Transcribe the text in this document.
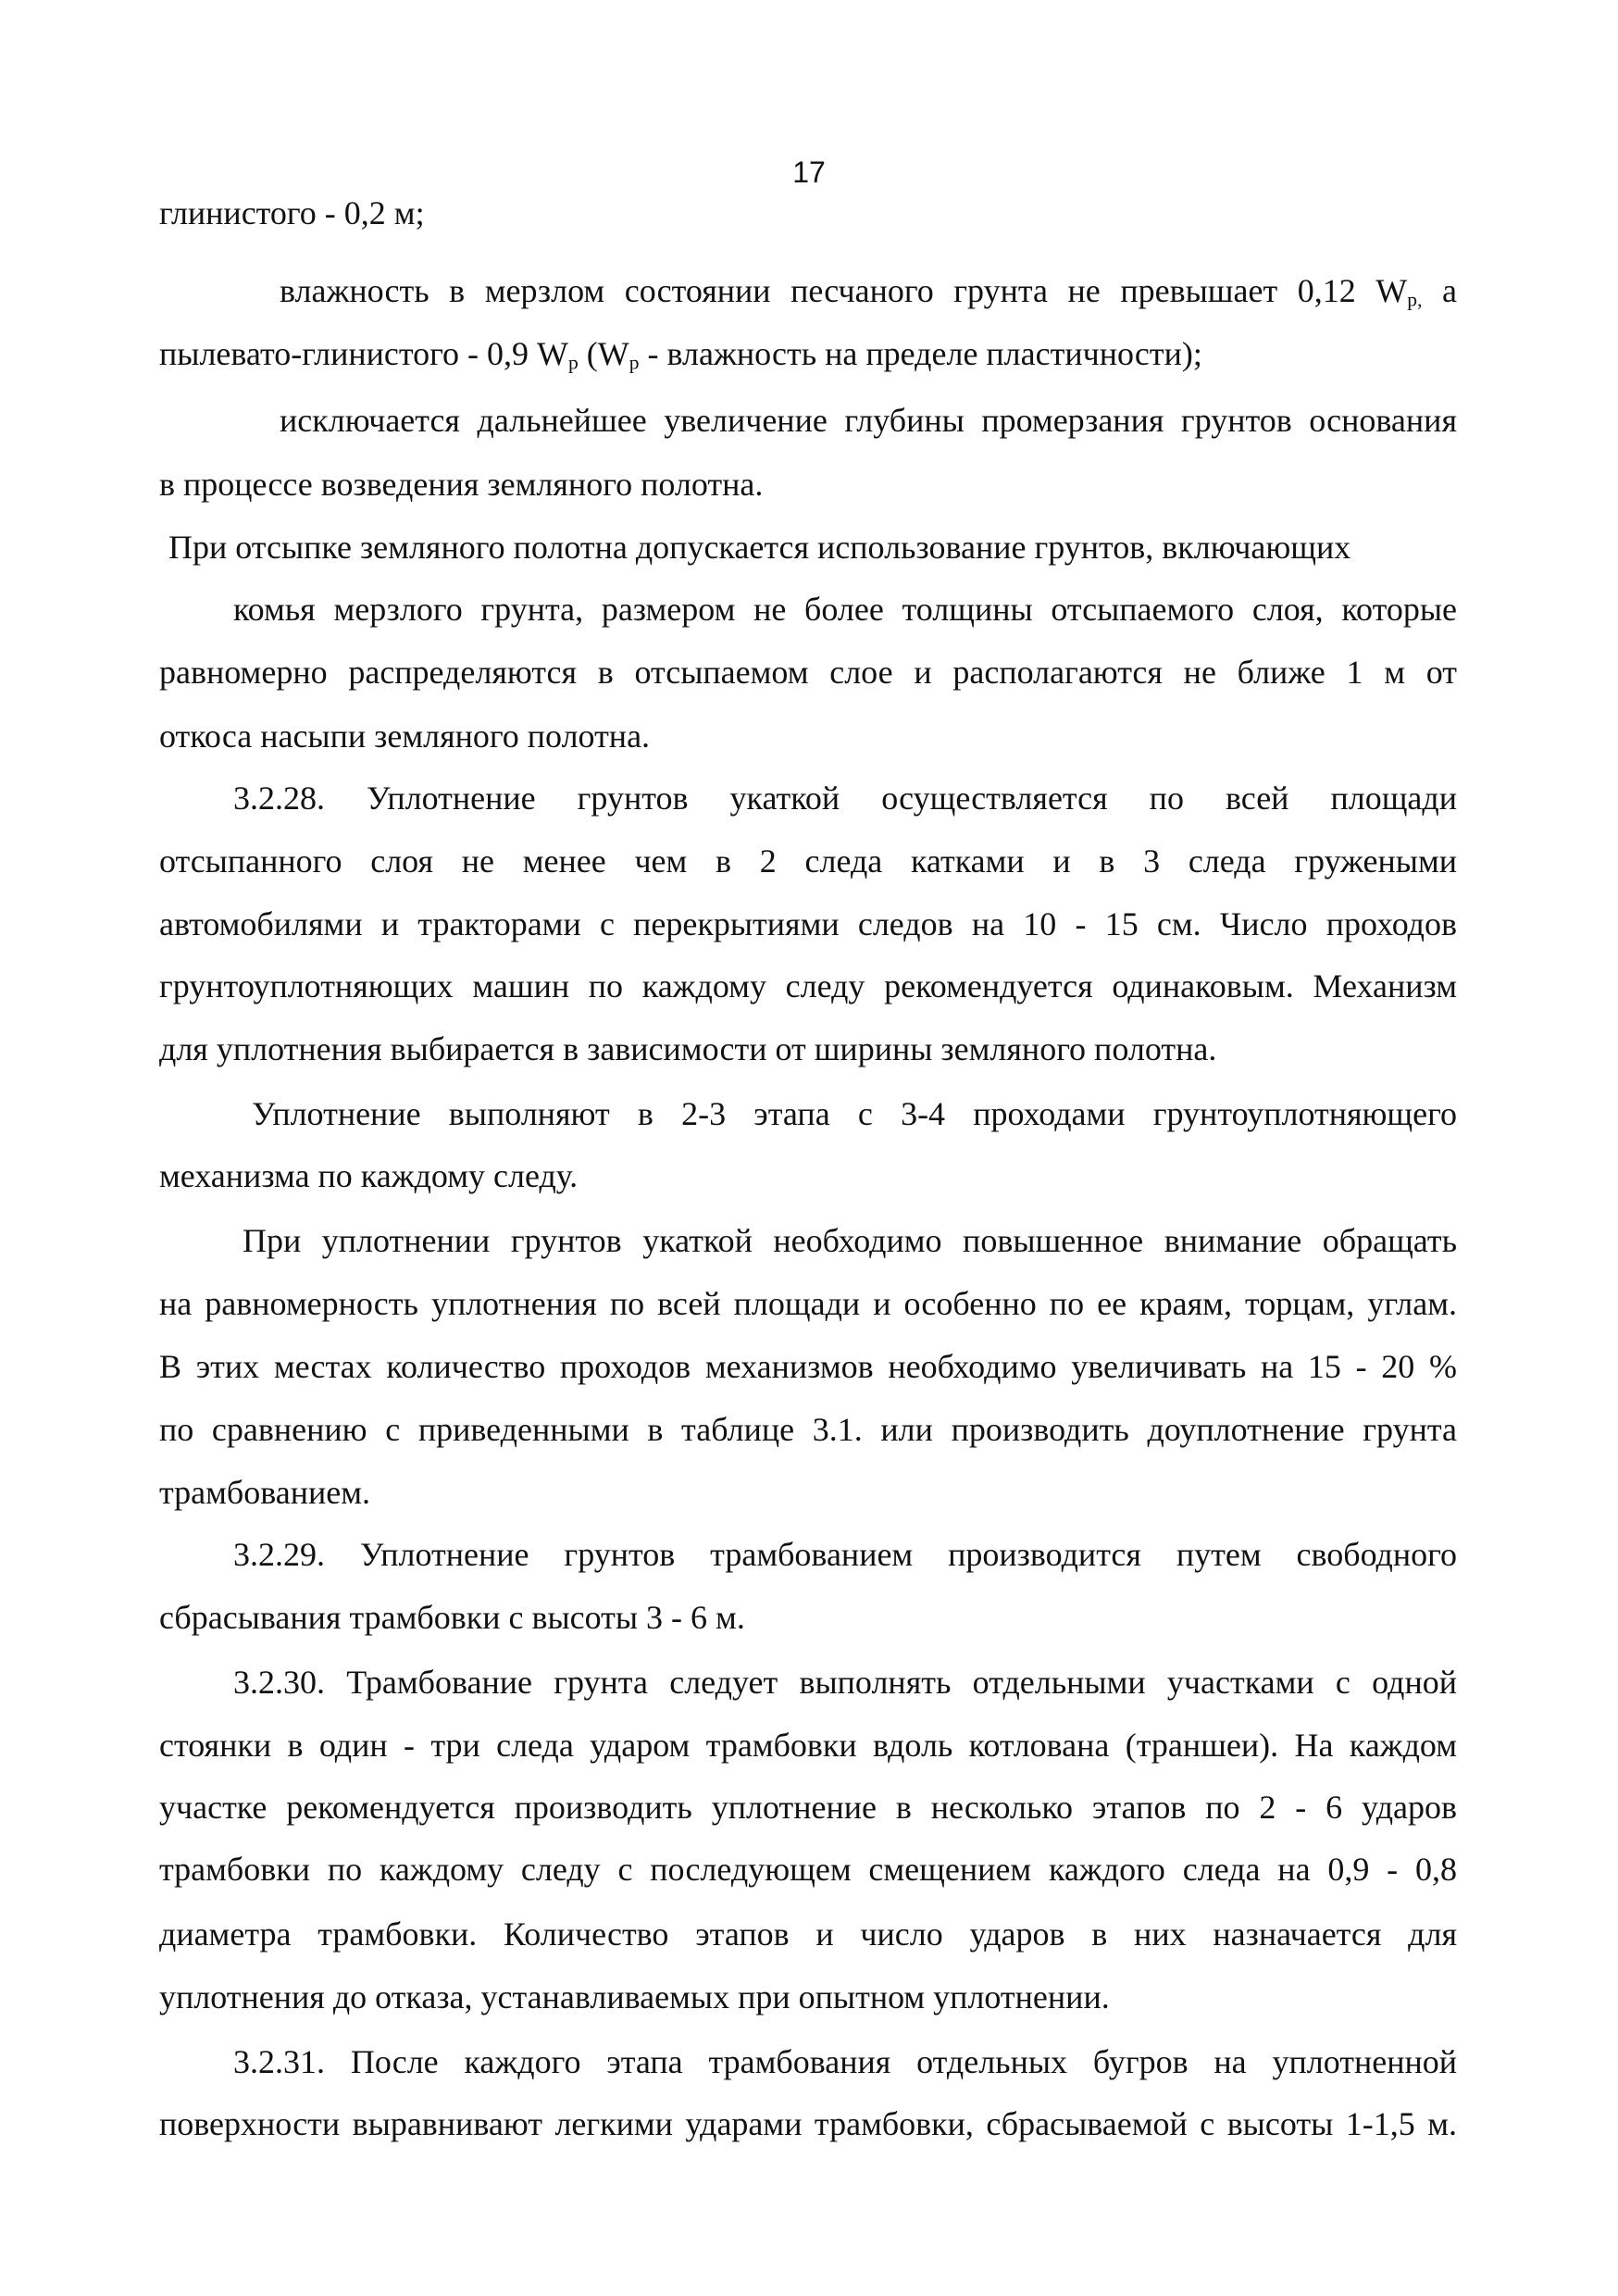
17
глинистого - 0,2 м;
влажность в мерзлом состоянии песчаного грунта не превышает 0,12 $W_{p,}$ а
пылевато-глинистого - 0,9 $W_p$ ($W_p$ - влажность на пределе пластичности);
исключается дальнейшее увеличение глубины промерзания грунтов основания
в процессе возведения земляного полотна.
При отсыпке земляного полотна допускается использование грунтов, включающих
комья мерзлого грунта, размером не более толщины отсыпаемого слоя, которые
равномерно распределяются в отсыпаемом слое и располагаются не ближе 1 м от
откоса насыпи земляного полотна.
3.2.28. Уплотнение грунтов укаткой осуществляется по всей площади
отсыпанного слоя не менее чем в 2 следа катками и в 3 следа гружеными
автомобилями и тракторами с перекрытиями следов на 10 - 15 см. Число проходов
грунтоуплотняющих машин по каждому следу рекомендуется одинаковым. Механизм
для уплотнения выбирается в зависимости от ширины земляного полотна.
Уплотнение выполняют в 2-3 этапа с 3-4 проходами грунтоуплотняющего
механизма по каждому следу.
При уплотнении грунтов укаткой необходимо повышенное внимание обращать
на равномерность уплотнения по всей площади и особенно по ее краям, торцам, углам.
В этих местах количество проходов механизмов необходимо увеличивать на 15 - 20 %
по сравнению с приведенными в таблице 3.1. или производить доуплотнение грунта
трамбованием.
3.2.29. Уплотнение грунтов трамбованием производится путем свободного
сбрасывания трамбовки с высоты 3 - 6 м.
3.2.30. Трамбование грунта следует выполнять отдельными участками с одной
стоянки в один - три следа ударом трамбовки вдоль котлована (траншеи). На каждом
участке рекомендуется производить уплотнение в несколько этапов по 2 - 6 ударов
трамбовки по каждому следу с последующем смещением каждого следа на 0,9 - 0,8
диаметра трамбовки. Количество этапов и число ударов в них назначается для
уплотнения до отказа, устанавливаемых при опытном уплотнении.
3.2.31. После каждого этапа трамбования отдельных бугров на уплотненной
поверхности выравнивают легкими ударами трамбовки, сбрасываемой с высоты 1-1,5 м.
